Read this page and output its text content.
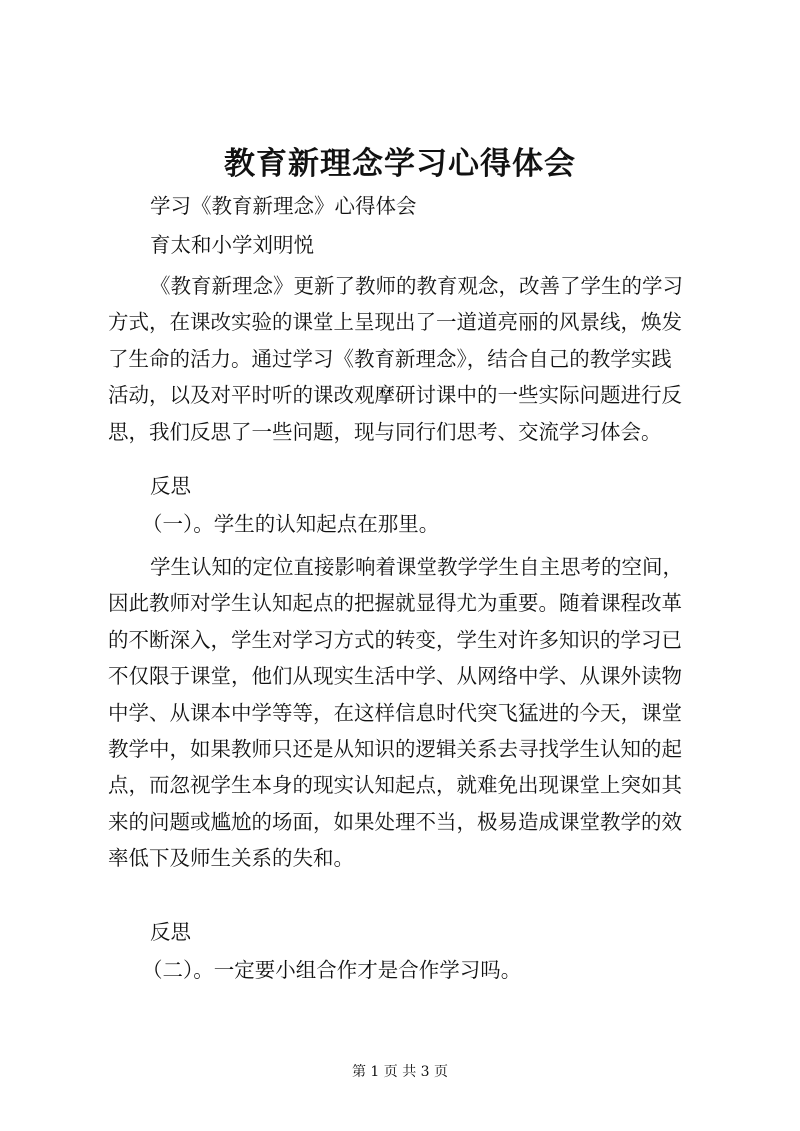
教育新理念学习心得体会
学习《教育新理念》心得体会
育太和小学刘明悦
《教育新理念》更新了教师的教育观念，改善了学生的学习
方式，在课改实验的课堂上呈现出了一道道亮丽的风景线，焕发
了生命的活力。通过学习《教育新理念》，结合自己的教学实践
活动，以及对平时听的课改观摩研讨课中的一些实际问题进行反
思，我们反思了一些问题，现与同行们思考、交流学习体会。
反思
（一）。学生的认知起点在那里。
学生认知的定位直接影响着课堂教学学生自主思考的空间，
因此教师对学生认知起点的把握就显得尤为重要。随着课程改革
的不断深入，学生对学习方式的转变，学生对许多知识的学习已
不仅限于课堂，他们从现实生活中学、从网络中学、从课外读物
中学、从课本中学等等，在这样信息时代突飞猛进的今天，课堂
教学中，如果教师只还是从知识的逻辑关系去寻找学生认知的起
点，而忽视学生本身的现实认知起点，就难免出现课堂上突如其
来的问题或尴尬的场面，如果处理不当，极易造成课堂教学的效
率低下及师生关系的失和。
反思
（二）。一定要小组合作才是合作学习吗。
第 1 页 共 3 页
